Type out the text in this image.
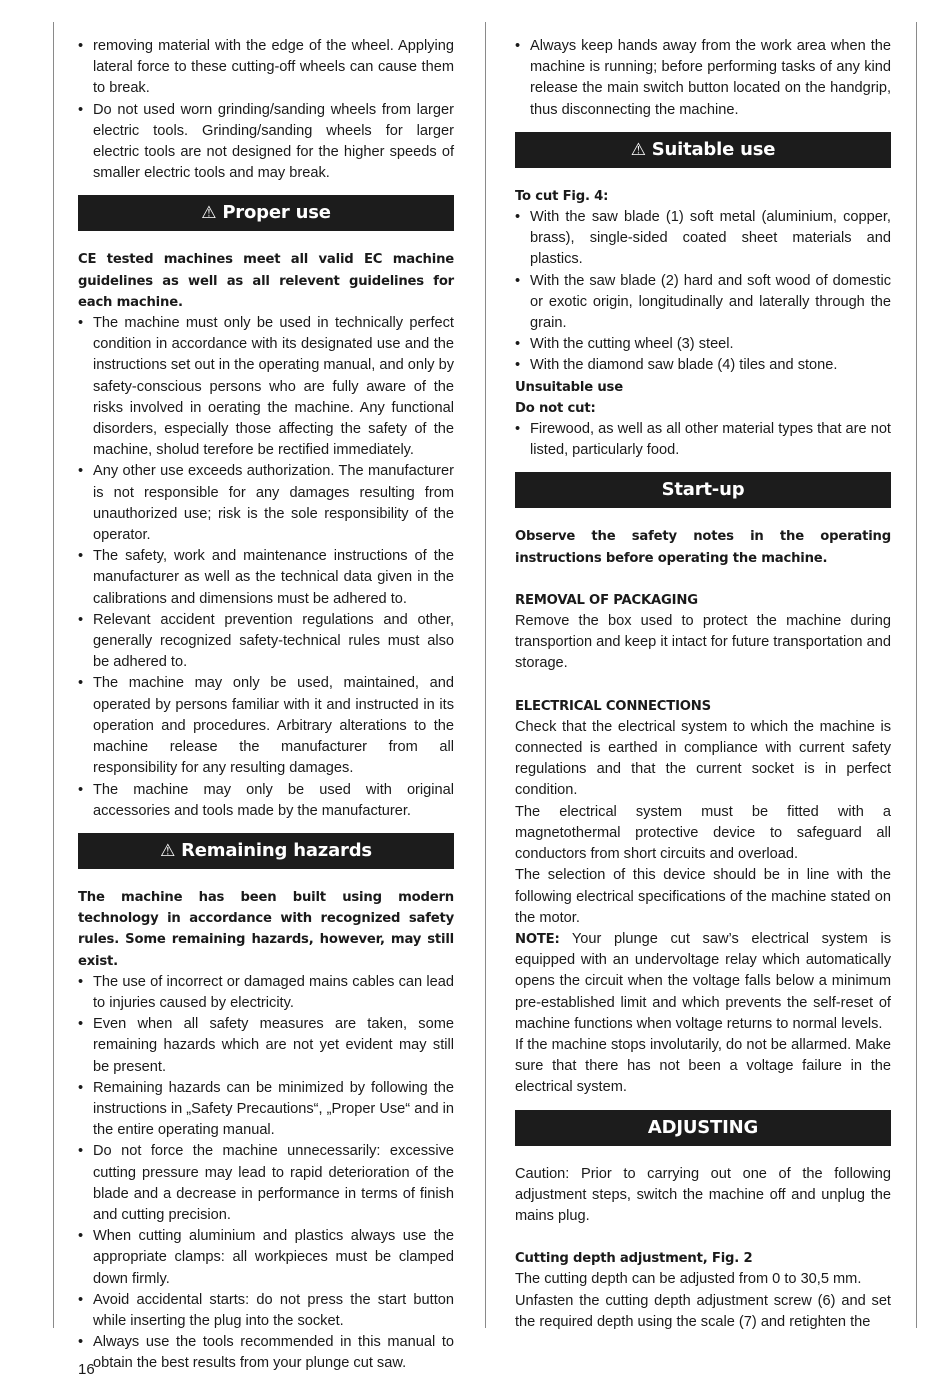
• removing material with the edge of the wheel. Applying lateral force to these cutting-off wheels can cause them to break.
• Do not used worn grinding/sanding wheels from larger electric tools. Grinding/sanding wheels for larger electric tools are not designed for the higher speeds of smaller electric tools and may break.
⚠ Proper use

CE tested machines meet all valid EC machine guidelines as well as all relevent guidelines for each machine.

• The machine must only be used in technically perfect condition in accordance with its designated use and the instructions set out in the operating manual, and only by safety-conscious persons who are fully aware of the risks involved in oerating the machine. Any functional disorders, especially those affecting the safety of the machine, sholud terefore be rectified immediately.
• Any other use exceeds authorization. The manufacturer is not responsible for any damages resulting from unauthorized use; risk is the sole responsibility of the operator.
• The safety, work and maintenance instructions of the manufacturer as well as the technical data given in the calibrations and dimensions must be adhered to.
• Relevant accident prevention regulations and other, generally recognized safety-technical rules must also be adhered to.
• The machine may only be used, maintained, and operated by persons familiar with it and instructed in its operation and procedures. Arbitrary alterations to the machine release the manufacturer from all responsibility for any resulting damages.
• The machine may only be used with original accessories and tools made by the manufacturer.
⚠ Remaining hazards

The machine has been built using modern technology in accordance with recognized safety rules. Some remaining hazards, however, may still exist.

• The use of incorrect or damaged mains cables can lead to injuries caused by electricity.
• Even when all safety measures are taken, some remaining hazards which are not yet evident may still be present.
• Remaining hazards can be minimized by following the instructions in „Safety Precautions“, „Proper Use“ and in the entire operating manual.
• Do not force the machine unnecessarily: excessive cutting pressure may lead to rapid deterioration of the blade and a decrease in performance in terms of finish and cutting precision.
• When cutting aluminium and plastics always use the appropriate clamps: all workpieces must be clamped down firmly.
• Avoid accidental starts: do not press the start button while inserting the plug into the socket.
• Always use the tools recommended in this manual to obtain the best results from your plunge cut saw.
• Always keep hands away from the work area when the machine is running; before performing tasks of any kind release the main switch button located on the handgrip, thus disconnecting the machine.
⚠ Suitable use

To cut Fig. 4:

• With the saw blade (1) soft metal (aluminium, copper, brass), single-sided coated sheet materials and plastics.
• With the saw blade (2) hard and soft wood of domestic or exotic origin, longitudinally and laterally through the grain.
• With the cutting wheel (3) steel.
• With the diamond saw blade (4) tiles and stone.

Unsuitable use

Do not cut:

• Firewood, as well as all other material types that are not listed, particularly food.
Start-up

Observe the safety notes in the operating instructions before operating the machine.

REMOVAL OF PACKAGING

Remove the box used to protect the machine during transportion and keep it intact for future transportation and storage.

ELECTRICAL CONNECTIONS

Check that the electrical system to which the machine is connected is earthed in compliance with current safety regulations and that the current socket is in perfect condition.

The electrical system must be fitted with a magnetothermal protective device to safeguard all conductors from short circuits and overload.

The selection of this device should be in line with the following electrical specifications of the machine stated on the motor.

NOTE: Your plunge cut saw’s electrical system is equipped with an undervoltage relay which automatically opens the circuit when the voltage falls below a minimum pre-established limit and which prevents the self-reset of machine functions when voltage returns to normal levels.

If the machine stops involutarily, do not be allarmed. Make sure that there has not been a voltage failure in the electrical system.

ADJUSTING

Caution: Prior to carrying out one of the following adjustment steps, switch the machine off and unplug the mains plug.

Cutting depth adjustment, Fig. 2

The cutting depth can be adjusted from 0 to 30,5 mm.

Unfasten the cutting depth adjustment screw (6) and set the required depth using the scale (7) and retighten the

16
